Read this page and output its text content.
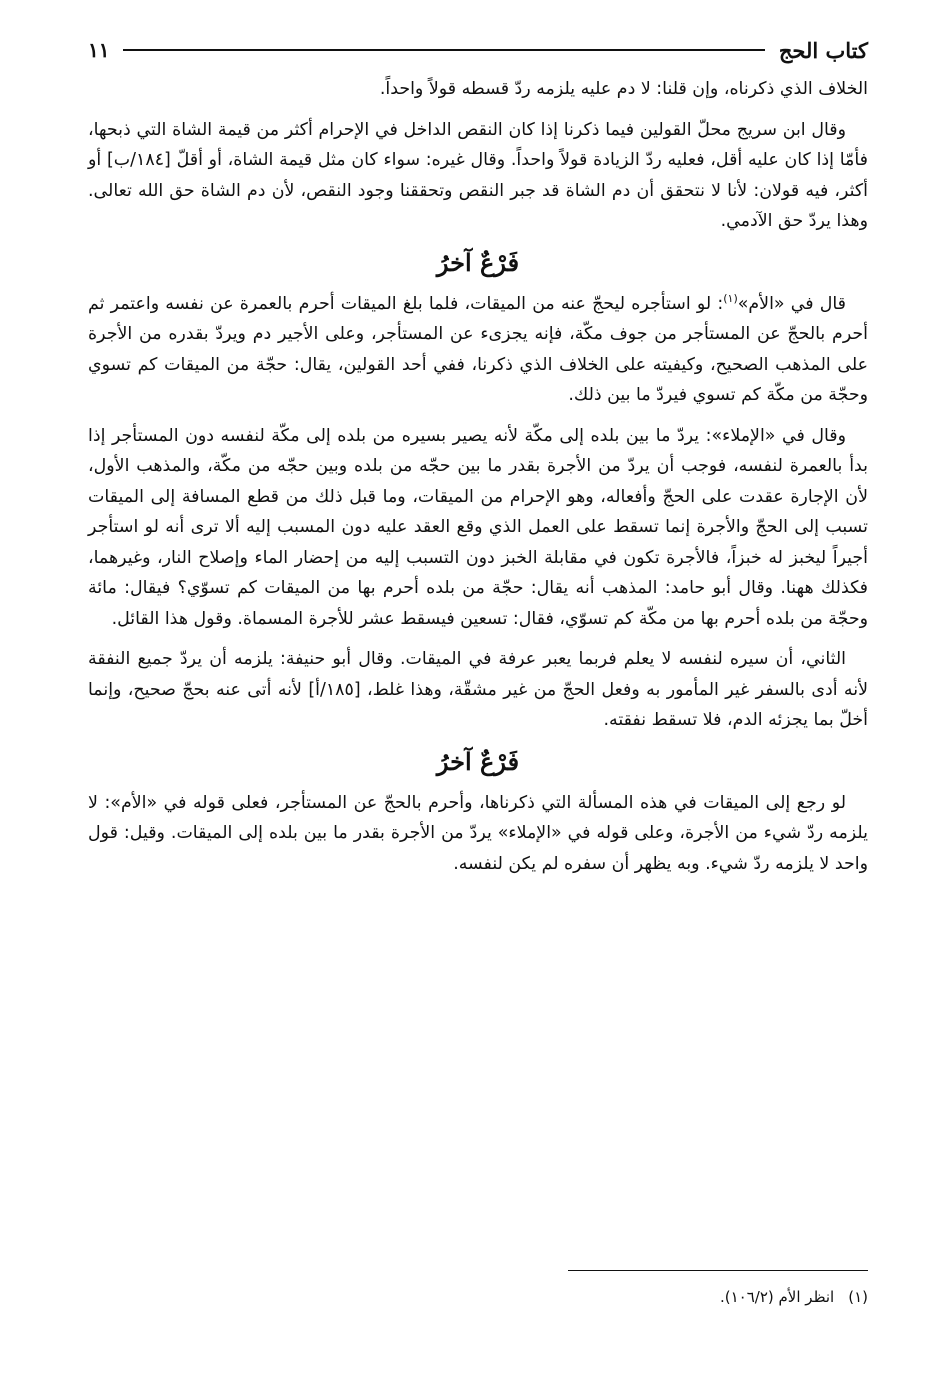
كتاب الحج
١١

الخلاف الذي ذكرناه، وإن قلنا: لا دم عليه يلزمه ردّ قسطه قولاً واحداً.

وقال ابن سريج محلّ القولين فيما ذكرنا إذا كان النقص الداخل في الإحرام أكثر من قيمة الشاة التي ذبحها، فأمّا إذا كان عليه أقل، فعليه ردّ الزيادة قولاً واحداً. وقال غيره: سواء كان مثل قيمة الشاة، أو أقلّ [١٨٤/ب] أو أكثر، فيه قولان: لأنا لا نتحقق أن دم الشاة قد جبر النقص وتحققنا وجود النقص، لأن دم الشاة حق الله تعالى. وهذا يردّ حق الآدمي.

فَرْعٌ آخرُ

قال في «الأم»$^{(١)}$: لو استأجره ليحجّ عنه من الميقات، فلما بلغ الميقات أحرم بالعمرة عن نفسه واعتمر ثم أحرم بالحجّ عن المستأجر من جوف مكّة، فإنه يجزىء عن المستأجر، وعلى الأجير دم ويردّ بقدره من الأجرة على المذهب الصحيح، وكيفيته على الخلاف الذي ذكرنا، ففي أحد القولين، يقال: حجّة من الميقات كم تسوي وحجّة من مكّة كم تسوي فيردّ ما بين ذلك.

وقال في «الإملاء»: يردّ ما بين بلده إلى مكّة لأنه يصير بسيره من بلده إلى مكّة لنفسه دون المستأجر إذا بدأ بالعمرة لنفسه، فوجب أن يردّ من الأجرة بقدر ما بين حجّه من بلده وبين حجّه من مكّة، والمذهب الأول، لأن الإجارة عقدت على الحجّ وأفعاله، وهو الإحرام من الميقات، وما قبل ذلك من قطع المسافة إلى الميقات تسبب إلى الحجّ والأجرة إنما تسقط على العمل الذي وقع العقد عليه دون المسبب إليه ألا ترى أنه لو استأجر أجيراً ليخبز له خبزاً، فالأجرة تكون في مقابلة الخبز دون التسبب إليه من إحضار الماء وإصلاح النار، وغيرهما، فكذلك ههنا. وقال أبو حامد: المذهب أنه يقال: حجّة من بلده أحرم بها من الميقات كم تسوّي؟ فيقال: مائة وحجّة من بلده أحرم بها من مكّة كم تسوّي، فقال: تسعين فيسقط عشر للأجرة المسماة. وقول هذا القائل.

الثاني، أن سيره لنفسه لا يعلم فربما يعبر عرفة في الميقات. وقال أبو حنيفة: يلزمه أن يردّ جميع النفقة لأنه أدى بالسفر غير المأمور به وفعل الحجّ من غير مشقّة، وهذا غلط، [١٨٥/أ] لأنه أتى عنه بحجّ صحيح، وإنما أخلّ بما يجزئه الدم، فلا تسقط نفقته.

فَرْعٌ آخرُ

لو رجع إلى الميقات في هذه المسألة التي ذكرناها، وأحرم بالحجّ عن المستأجر، فعلى قوله في «الأم»: لا يلزمه ردّ شيء من الأجرة، وعلى قوله في «الإملاء» يردّ من الأجرة بقدر ما بين بلده إلى الميقات. وقيل: قول واحد لا يلزمه ردّ شيء. وبه يظهر أن سفره لم يكن لنفسه.

(١)انظر الأم (١٠٦/٢).
